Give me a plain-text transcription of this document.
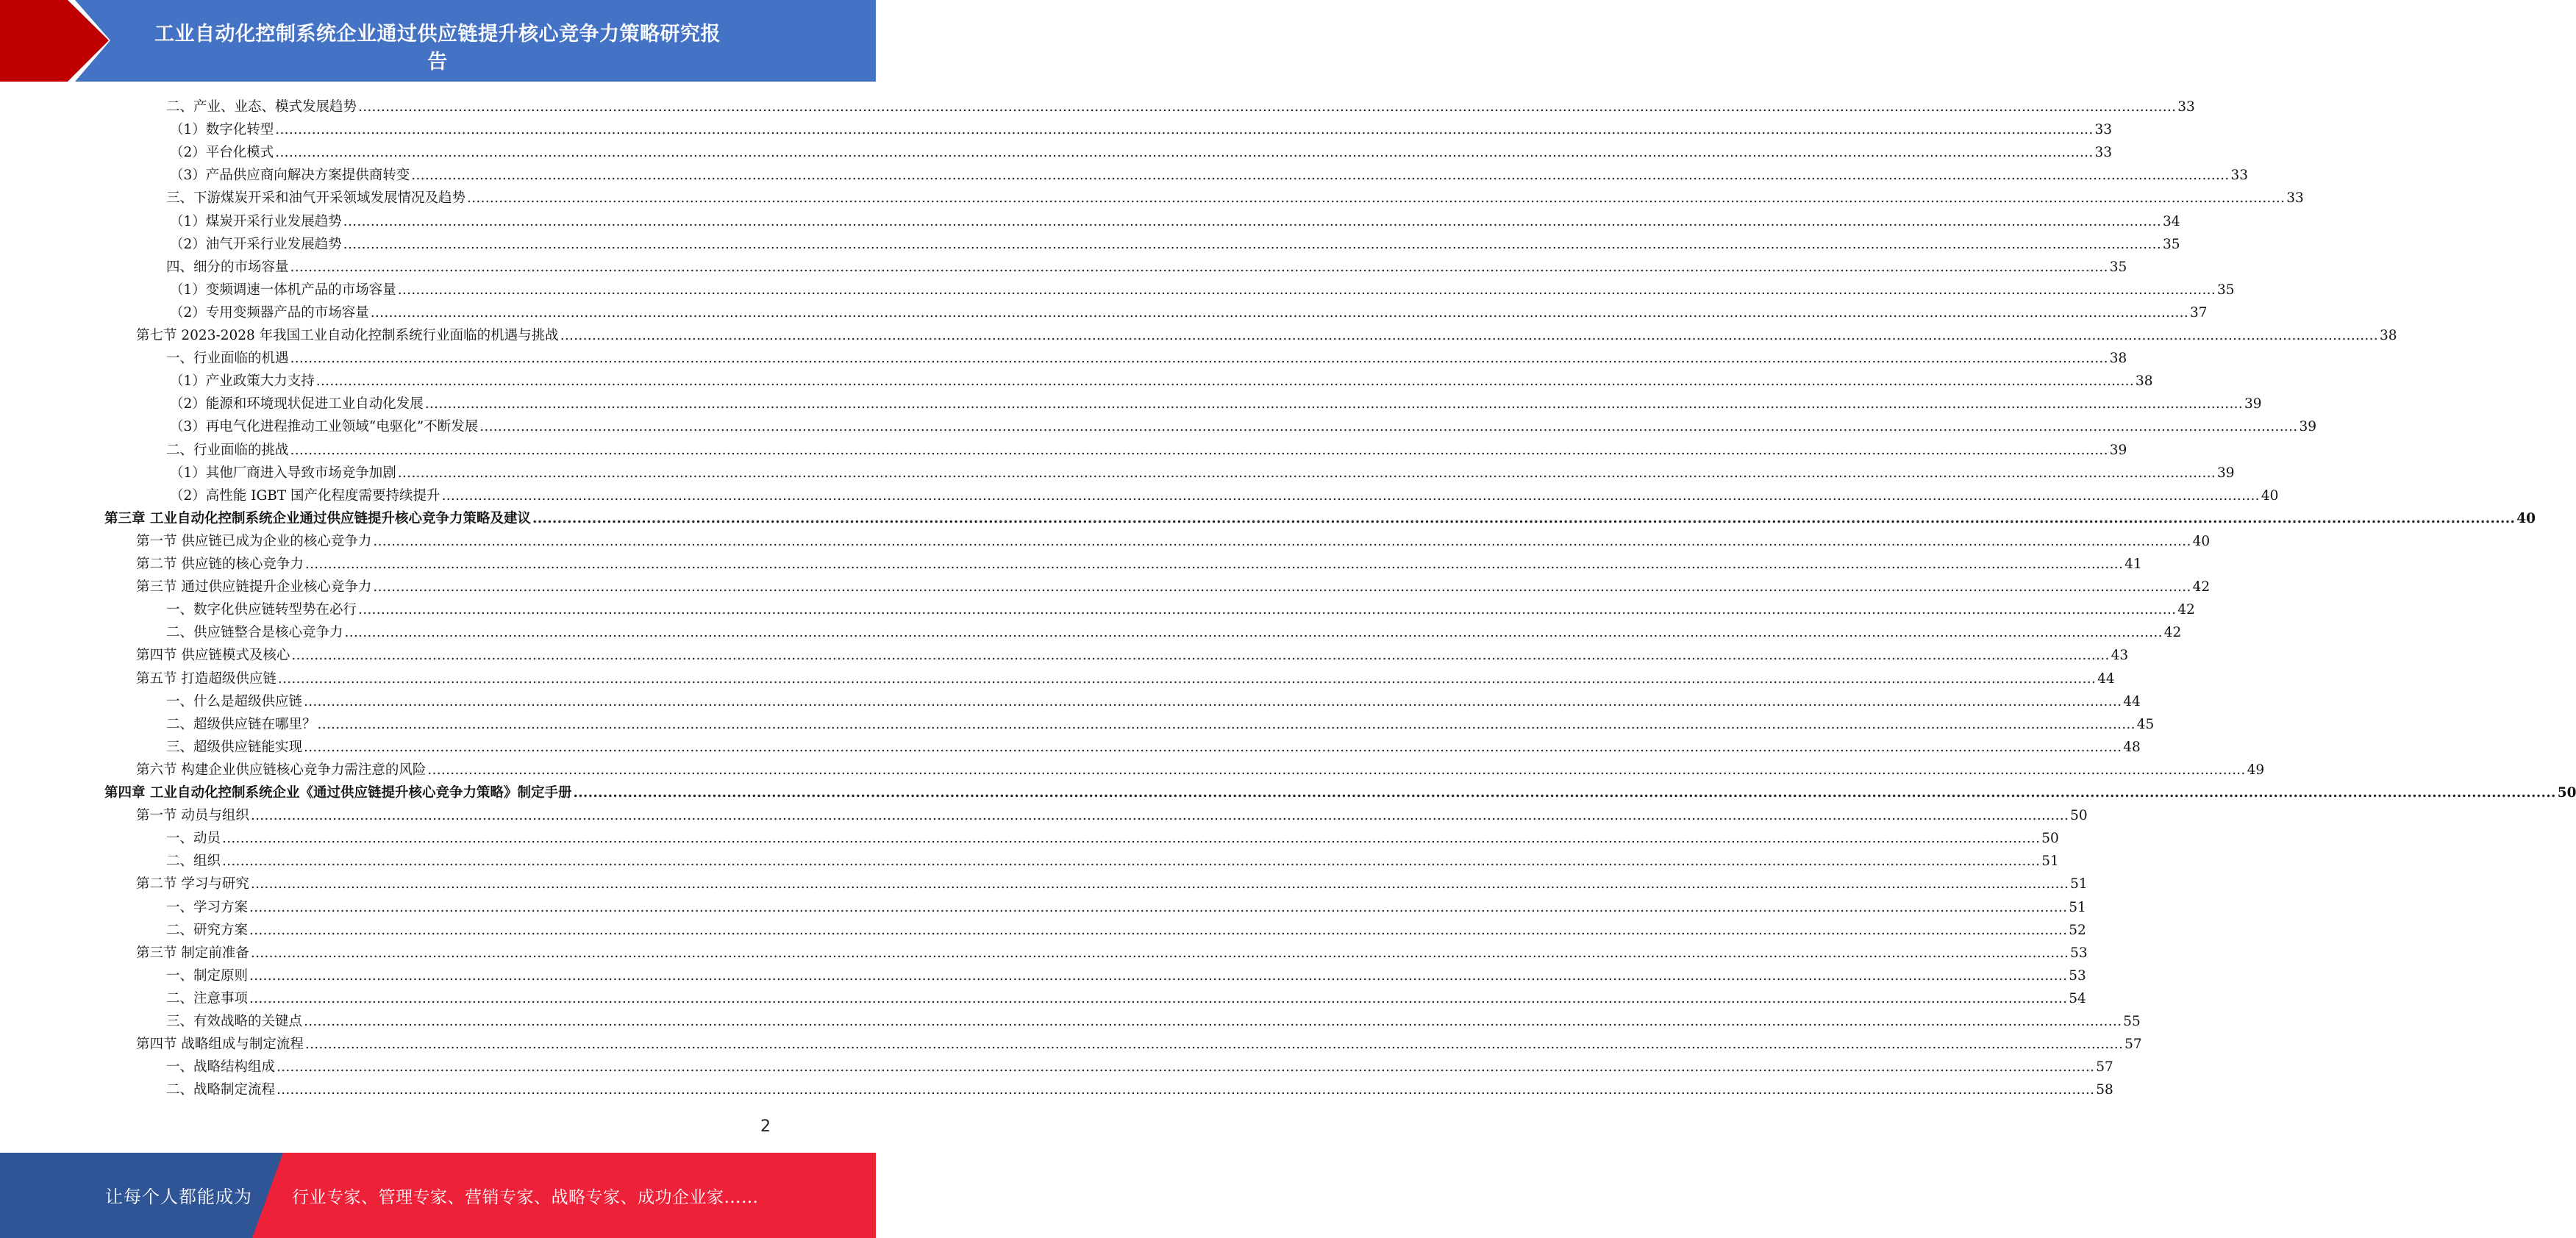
工业自动化控制系统企业通过供应链提升核心竞争力策略研究报
告
二、产业、业态、模式发展趋势 ................................................................................................................................................................................................................................................................................................................................................................................................................ 33
（1）数字化转型 ................................................................................................................................................................................................................................................................................................................................................................................................................ 33
（2）平台化模式 ................................................................................................................................................................................................................................................................................................................................................................................................................ 33
（3）产品供应商向解决方案提供商转变 ................................................................................................................................................................................................................................................................................................................................................................................................................ 33
三、下游煤炭开采和油气开采领域发展情况及趋势 ................................................................................................................................................................................................................................................................................................................................................................................................................ 33
（1）煤炭开采行业发展趋势 ................................................................................................................................................................................................................................................................................................................................................................................................................ 34
（2）油气开采行业发展趋势 ................................................................................................................................................................................................................................................................................................................................................................................................................ 35
四、细分的市场容量 ................................................................................................................................................................................................................................................................................................................................................................................................................ 35
（1）变频调速一体机产品的市场容量 ................................................................................................................................................................................................................................................................................................................................................................................................................ 35
（2）专用变频器产品的市场容量 ................................................................................................................................................................................................................................................................................................................................................................................................................ 37
第七节 2023-2028 年我国工业自动化控制系统行业面临的机遇与挑战 ................................................................................................................................................................................................................................................................................................................................................................................................................ 38
一、行业面临的机遇 ................................................................................................................................................................................................................................................................................................................................................................................................................ 38
（1）产业政策大力支持 ................................................................................................................................................................................................................................................................................................................................................................................................................ 38
（2）能源和环境现状促进工业自动化发展 ................................................................................................................................................................................................................................................................................................................................................................................................................ 39
（3）再电气化进程推动工业领域“电驱化”不断发展 ................................................................................................................................................................................................................................................................................................................................................................................................................ 39
二、行业面临的挑战 ................................................................................................................................................................................................................................................................................................................................................................................................................ 39
（1）其他厂商进入导致市场竞争加剧 ................................................................................................................................................................................................................................................................................................................................................................................................................ 39
（2）高性能 IGBT 国产化程度需要持续提升 ................................................................................................................................................................................................................................................................................................................................................................................................................ 40
第三章 工业自动化控制系统企业通过供应链提升核心竞争力策略及建议 ................................................................................................................................................................................................................................................................................................................................................................................................................ 40
第一节 供应链已成为企业的核心竞争力 ................................................................................................................................................................................................................................................................................................................................................................................................................ 40
第二节 供应链的核心竞争力 ................................................................................................................................................................................................................................................................................................................................................................................................................ 41
第三节 通过供应链提升企业核心竞争力 ................................................................................................................................................................................................................................................................................................................................................................................................................ 42
一、数字化供应链转型势在必行 ................................................................................................................................................................................................................................................................................................................................................................................................................ 42
二、供应链整合是核心竞争力 ................................................................................................................................................................................................................................................................................................................................................................................................................ 42
第四节 供应链模式及核心 ................................................................................................................................................................................................................................................................................................................................................................................................................ 43
第五节 打造超级供应链 ................................................................................................................................................................................................................................................................................................................................................................................................................ 44
一、什么是超级供应链 ................................................................................................................................................................................................................................................................................................................................................................................................................ 44
二、超级供应链在哪里？ ................................................................................................................................................................................................................................................................................................................................................................................................................ 45
三、超级供应链能实现 ................................................................................................................................................................................................................................................................................................................................................................................................................ 48
第六节 构建企业供应链核心竞争力需注意的风险 ................................................................................................................................................................................................................................................................................................................................................................................................................ 49
第四章 工业自动化控制系统企业《通过供应链提升核心竞争力策略》制定手册 ................................................................................................................................................................................................................................................................................................................................................................................................................ 50
第一节 动员与组织 ................................................................................................................................................................................................................................................................................................................................................................................................................ 50
一、动员 ................................................................................................................................................................................................................................................................................................................................................................................................................ 50
二、组织 ................................................................................................................................................................................................................................................................................................................................................................................................................ 51
第二节 学习与研究 ................................................................................................................................................................................................................................................................................................................................................................................................................ 51
一、学习方案 ................................................................................................................................................................................................................................................................................................................................................................................................................ 51
二、研究方案 ................................................................................................................................................................................................................................................................................................................................................................................................................ 52
第三节 制定前准备 ................................................................................................................................................................................................................................................................................................................................................................................................................ 53
一、制定原则 ................................................................................................................................................................................................................................................................................................................................................................................................................ 53
二、注意事项 ................................................................................................................................................................................................................................................................................................................................................................................................................ 54
三、有效战略的关键点 ................................................................................................................................................................................................................................................................................................................................................................................................................ 55
第四节 战略组成与制定流程 ................................................................................................................................................................................................................................................................................................................................................................................................................ 57
一、战略结构组成 ................................................................................................................................................................................................................................................................................................................................................................................................................ 57
二、战略制定流程 ................................................................................................................................................................................................................................................................................................................................................................................................................ 58
2
让每个人都能成为 行业专家、管理专家、营销专家、战略专家、成功企业家……
